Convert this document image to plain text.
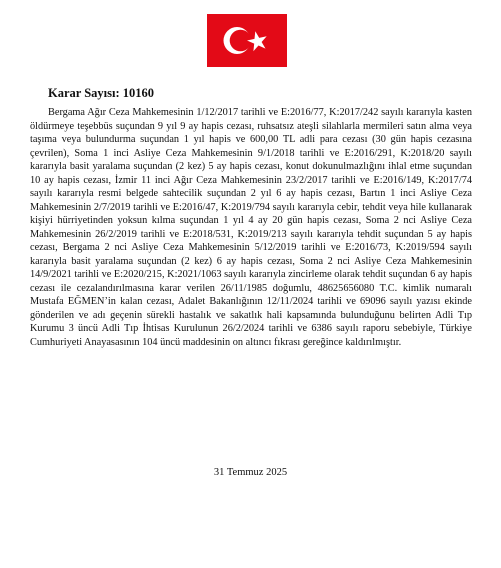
Karar Sayısı: 10160

Bergama Ağır Ceza Mahkemesinin 1/12/2017 tarihli ve E:2016/77, K:2017/242 sayılı kararıyla kasten öldürmeye teşebbüs suçundan 9 yıl 9 ay hapis cezası, ruhsatsız ateşli silahlarla mermileri satın alma veya taşıma veya bulundurma suçundan 1 yıl hapis ve 600,00 TL adli para cezası (30 gün hapis cezasına çevrilen), Soma 1 inci Asliye Ceza Mahkemesinin 9/1/2018 tarihli ve E:2016/291, K:2018/20 sayılı kararıyla basit yaralama suçundan (2 kez) 5 ay hapis cezası, konut dokunulmazlığını ihlal etme suçundan 10 ay hapis cezası, İzmir 11 inci Ağır Ceza Mahkemesinin 23/2/2017 tarihli ve E:2016/149, K:2017/74 sayılı kararıyla resmi belgede sahtecilik suçundan 2 yıl 6 ay hapis cezası, Bartın 1 inci Asliye Ceza Mahkemesinin 2/7/2019 tarihli ve E:2016/47, K:2019/794 sayılı kararıyla cebir, tehdit veya hile kullanarak kişiyi hürriyetinden yoksun kılma suçundan 1 yıl 4 ay 20 gün hapis cezası, Soma 2 nci Asliye Ceza Mahkemesinin 26/2/2019 tarihli ve E:2018/531, K:2019/213 sayılı kararıyla tehdit suçundan 5 ay hapis cezası, Bergama 2 nci Asliye Ceza Mahkemesinin 5/12/2019 tarihli ve E:2016/73, K:2019/594 sayılı kararıyla basit yaralama suçundan (2 kez) 6 ay hapis cezası, Soma 2 nci Asliye Ceza Mahkemesinin 14/9/2021 tarihli ve E:2020/215, K:2021/1063 sayılı kararıyla zincirleme olarak tehdit suçundan 6 ay hapis cezası ile cezalandırılmasına karar verilen 26/11/1985 doğumlu, 48625656080 T.C. kimlik numaralı Mustafa EĞMEN’in kalan cezası, Adalet Bakanlığının 12/11/2024 tarihli ve 69096 sayılı yazısı ekinde gönderilen ve adı geçenin sürekli hastalık ve sakatlık hali kapsamında bulunduğunu belirten Adli Tıp Kurumu 3 üncü Adli Tıp İhtisas Kurulunun 26/2/2024 tarihli ve 6386 sayılı raporu sebebiyle, Türkiye Cumhuriyeti Anayasasının 104 üncü maddesinin on altıncı fıkrası gereğince kaldırılmıştır.

31 Temmuz 2025
